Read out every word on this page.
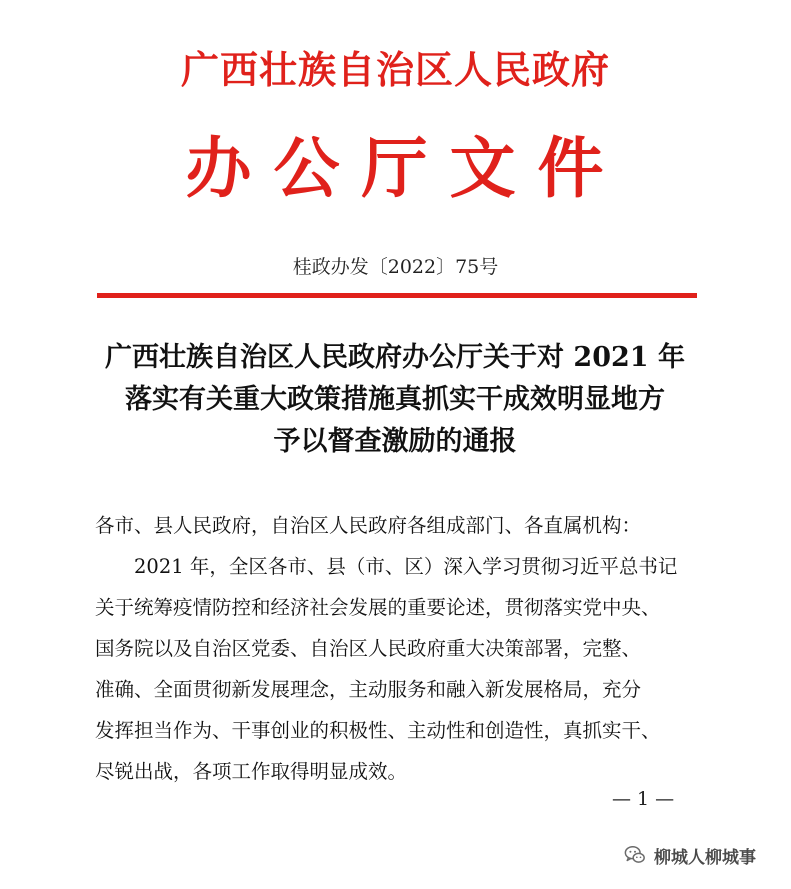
广西壮族自治区人民政府
办公厅文件
桂政办发〔2022〕75号
广西壮族自治区人民政府办公厅关于对 2021 年
落实有关重大政策措施真抓实干成效明显地方
予以督查激励的通报
各市、县人民政府，自治区人民政府各组成部门、各直属机构：
　　2021 年，全区各市、县（市、区）深入学习贯彻习近平总书记
关于统筹疫情防控和经济社会发展的重要论述，贯彻落实党中央、
国务院以及自治区党委、自治区人民政府重大决策部署，完整、
准确、全面贯彻新发展理念，主动服务和融入新发展格局，充分
发挥担当作为、干事创业的积极性、主动性和创造性，真抓实干、
尽锐出战，各项工作取得明显成效。
— 1 —
柳城人柳城事
